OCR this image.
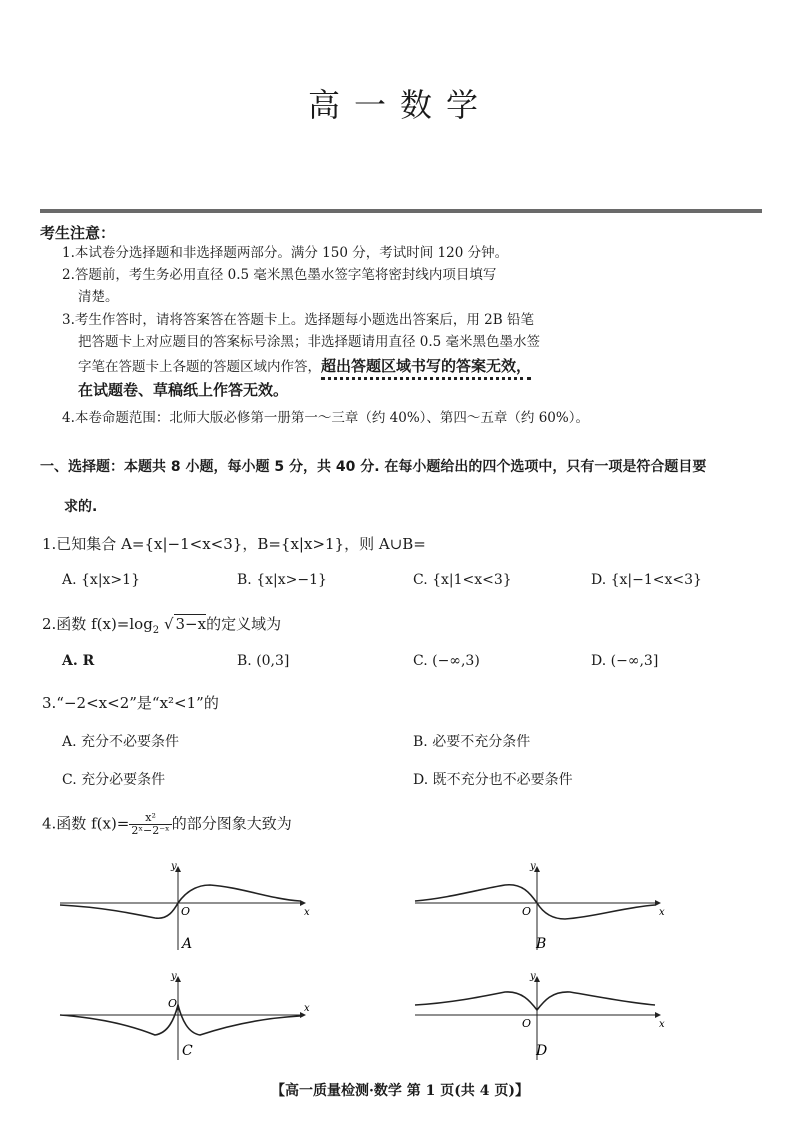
高一数学
考生注意：
1.本试卷分选择题和非选择题两部分。满分 150 分，考试时间 120 分钟。
2.答题前，考生务必用直径 0.5 毫米黑色墨水签字笔将密封线内项目填写
清楚。
3.考生作答时，请将答案答在答题卡上。选择题每小题选出答案后，用 2B 铅笔
把答题卡上对应题目的答案标号涂黑；非选择题请用直径 0.5 毫米黑色墨水签
字笔在答题卡上各题的答题区域内作答，超出答题区域书写的答案无效，
在试题卷、草稿纸上作答无效。
4.本卷命题范围：北师大版必修第一册第一～三章（约 40%）、第四～五章（约 60%）。
一、选择题：本题共 8 小题，每小题 5 分，共 40 分. 在每小题给出的四个选项中，只有一项是符合题目要
求的.
1.已知集合 A={x|−1<x<3}，B={x|x>1}，则 A∪B=
A. {x|x>1}	B. {x|x>−1}	C. {x|1<x<3}	D. {x|−1<x<3}
2.函数 $f(x)=\log_2$ √ 3−x的定义域为
A. R	B. (0,3]	C. (−∞,3)	D. (−∞,3]
3.“−2<x<2”是“x²<1”的
A. 充分不必要条件	B. 必要不充分条件
C. 充分必要条件	D. 既不充分也不必要条件
4.函数 $f(x)= \frac{\text{x²}}{\text{2ˣ−2⁻ˣ}}$ 的部分图象大致为
y
x
O
A
y
x
O
B
y
x
O
C
y
x
O
D
【高一质量检测·数学 第 1 页(共 4 页)】
